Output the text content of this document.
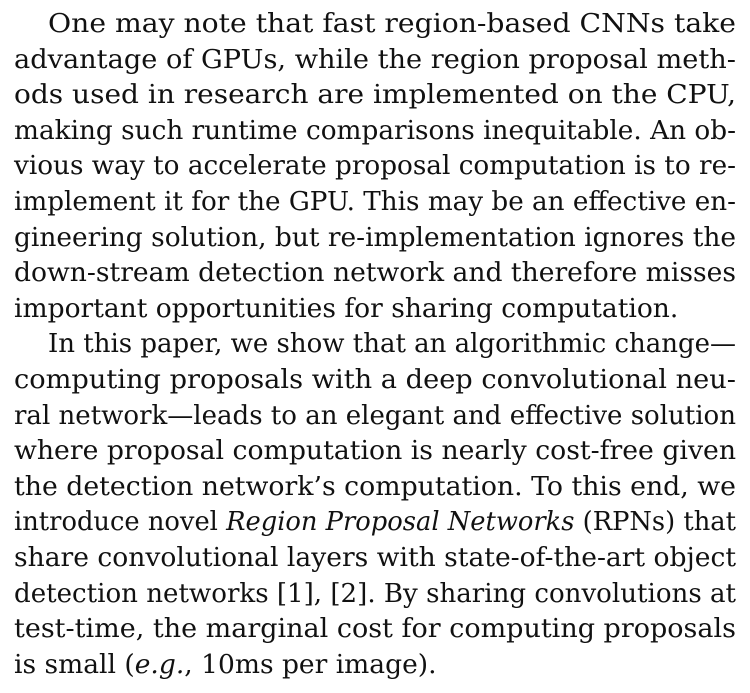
One may note that fast region-based CNNs take
advantage of GPUs, while the region proposal meth-
ods used in research are implemented on the CPU,
making such runtime comparisons inequitable. An ob-
vious way to accelerate proposal computation is to re-
implement it for the GPU. This may be an effective en-
gineering solution, but re-implementation ignores the
down-stream detection network and therefore misses
important opportunities for sharing computation.
In this paper, we show that an algorithmic change—
computing proposals with a deep convolutional neu-
ral network—leads to an elegant and effective solution
where proposal computation is nearly cost-free given
the detection network’s computation. To this end, we
introduce novel Region Proposal Networks (RPNs) that
share convolutional layers with state-of-the-art object
detection networks [1], [2]. By sharing convolutions at
test-time, the marginal cost for computing proposals
is small (e.g., 10ms per image).
